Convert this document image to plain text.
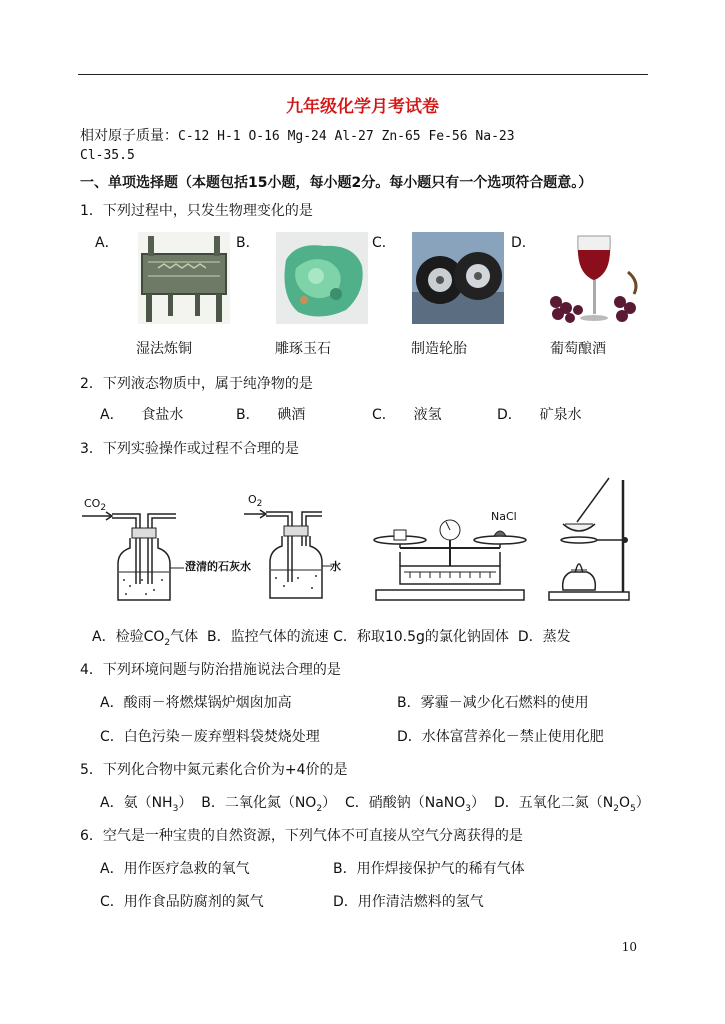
九年级化学月考试卷
相对原子质量：C-12 H-1 O-16 Mg-24 Al-27 Zn-65 Fe-56 Na-23
Cl-35.5
一、单项选择题（本题包括15小题，每小题2分。每小题只有一个选项符合题意。）
1．下列过程中，只发生物理变化的是
A．	B．	C．	D．
湿法炼铜	雕琢玉石	制造轮胎	葡萄酿酒
2．下列液态物质中，属于纯净物的是
A． 食盐水	B． 碘酒	C． 液氢	D． 矿泉水
3．下列实验操作或过程不合理的是
$CO_2$
澄清的石灰水
$O_2$
水
NaCl
A．检验$CO_2$气体 B．监控气体的流速 C．称取10.5g的氯化钠固体 D．蒸发
4．下列环境问题与防治措施说法合理的是
A．酸雨－将燃煤锅炉烟囱加高	B．雾霾－减少化石燃料的使用
C．白色污染－废弃塑料袋焚烧处理	D．水体富营养化－禁止使用化肥
5．下列化合物中氮元素化合价为+4价的是
A．氨$(NH_3)$ B．二氧化氮$(NO_2)$ C．硝酸钠（NaNO$_3$） D．五氧化二氮$(N_2O_5)$
6．空气是一种宝贵的自然资源，下列气体不可直接从空气分离获得的是
A．用作医疗急救的氧气	B．用作焊接保护气的稀有气体
C．用作食品防腐剂的氮气	D．用作清洁燃料的氢气
10
